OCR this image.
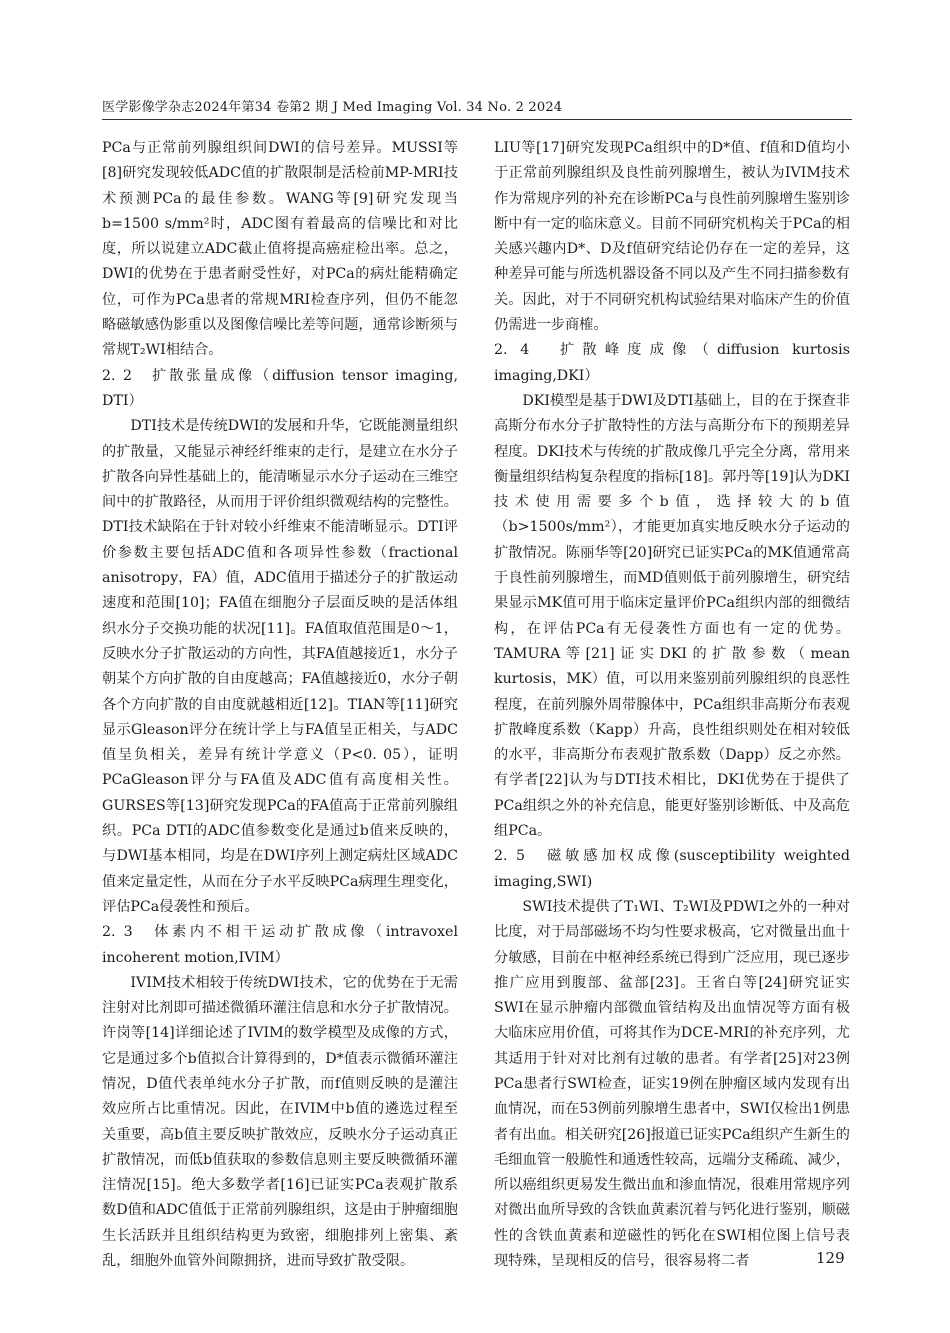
医学影像学杂志2024年第34 卷第2 期 J Med Imaging Vol. 34 No. 2 2024

PCa与正常前列腺组织间DWI的信号差异。MUSSI等[8]研究发现较低ADC值的扩散限制是活检前MP-MRI技术预测PCa的最佳参数。WANG等[9]研究发现当b=1500 s/mm²时，ADC图有着最高的信噪比和对比度，所以说建立ADC截止值将提高癌症检出率。总之，DWI的优势在于患者耐受性好，对PCa的病灶能精确定位，可作为PCa患者的常规MRI检查序列，但仍不能忽略磁敏感伪影重以及图像信噪比差等问题，通常诊断须与常规T₂WI相结合。

2. 2　扩散张量成像（diffusion tensor imaging, DTI）

DTI技术是传统DWI的发展和升华，它既能测量组织的扩散量，又能显示神经纤维束的走行，是建立在水分子扩散各向异性基础上的，能清晰显示水分子运动在三维空间中的扩散路径，从而用于评价组织微观结构的完整性。DTI技术缺陷在于针对较小纤维束不能清晰显示。DTI评价参数主要包括ADC值和各项异性参数（fractional anisotropy，FA）值，ADC值用于描述分子的扩散运动速度和范围[10]；FA值在细胞分子层面反映的是活体组织水分子交换功能的状况[11]。FA值取值范围是0～1，反映水分子扩散运动的方向性，其FA值越接近1，水分子朝某个方向扩散的自由度越高；FA值越接近0，水分子朝各个方向扩散的自由度就越相近[12]。TIAN等[11]研究显示Gleason评分在统计学上与FA值呈正相关，与ADC值呈负相关，差异有统计学意义（P<0. 05），证明PCaGleason评分与FA值及ADC值有高度相关性。GURSES等[13]研究发现PCa的FA值高于正常前列腺组织。PCa DTI的ADC值参数变化是通过b值来反映的，与DWI基本相同，均是在DWI序列上测定病灶区域ADC值来定量定性，从而在分子水平反映PCa病理生理变化，评估PCa侵袭性和预后。

2. 3　体素内不相干运动扩散成像（intravoxel incoherent motion,IVIM）

IVIM技术相较于传统DWI技术，它的优势在于无需注射对比剂即可描述微循环灌注信息和水分子扩散情况。许岗等[14]详细论述了IVIM的数学模型及成像的方式，它是通过多个b值拟合计算得到的，D*值表示微循环灌注情况，D值代表单纯水分子扩散，而f值则反映的是灌注效应所占比重情况。因此，在IVIM中b值的遴选过程至关重要，高b值主要反映扩散效应，反映水分子运动真正扩散情况，而低b值获取的参数信息则主要反映微循环灌注情况[15]。绝大多数学者[16]已证实PCa表观扩散系数D值和ADC值低于正常前列腺组织，这是由于肿瘤细胞生长活跃并且组织结构更为致密，细胞排列上密集、紊乱，细胞外血管外间隙拥挤，进而导致扩散受限。

LIU等[17]研究发现PCa组织中的D*值、f值和D值均小于正常前列腺组织及良性前列腺增生，被认为IVIM技术作为常规序列的补充在诊断PCa与良性前列腺增生鉴别诊断中有一定的临床意义。目前不同研究机构关于PCa的相关感兴趣内D*、D及f值研究结论仍存在一定的差异，这种差异可能与所选机器设备不同以及产生不同扫描参数有关。因此，对于不同研究机构试验结果对临床产生的价值仍需进一步商榷。

2. 4　扩散峰度成像（diffusion kurtosis imaging,DKI）

DKI模型是基于DWI及DTI基础上，目的在于探查非高斯分布水分子扩散特性的方法与高斯分布下的预期差异程度。DKI技术与传统的扩散成像几乎完全分离，常用来衡量组织结构复杂程度的指标[18]。郭丹等[19]认为DKI技术使用需要多个b值，选择较大的b值（b>1500s/mm²），才能更加真实地反映水分子运动的扩散情况。陈丽华等[20]研究已证实PCa的MK值通常高于良性前列腺增生，而MD值则低于前列腺增生，研究结果显示MK值可用于临床定量评价PCa组织内部的细微结构，在评估PCa有无侵袭性方面也有一定的优势。TAMURA等[21]证实DKI的扩散参数（mean kurtosis，MK）值，可以用来鉴别前列腺组织的良恶性程度，在前列腺外周带腺体中，PCa组织非高斯分布表观扩散峰度系数（Kapp）升高，良性组织则处在相对较低的水平，非高斯分布表观扩散系数（Dapp）反之亦然。有学者[22]认为与DTI技术相比，DKI优势在于提供了PCa组织之外的补充信息，能更好鉴别诊断低、中及高危组PCa。

2. 5　磁敏感加权成像(susceptibility weighted imaging,SWI)

SWI技术提供了T₁WI、T₂WI及PDWI之外的一种对比度，对于局部磁场不均匀性要求极高，它对微量出血十分敏感，目前在中枢神经系统已得到广泛应用，现已逐步推广应用到腹部、盆部[23]。王省白等[24]研究证实SWI在显示肿瘤内部微血管结构及出血情况等方面有极大临床应用价值，可将其作为DCE-MRI的补充序列，尤其适用于针对对比剂有过敏的患者。有学者[25]对23例PCa患者行SWI检查，证实19例在肿瘤区域内发现有出血情况，而在53例前列腺增生患者中，SWI仅检出1例患者有出血。相关研究[26]报道已证实PCa组织产生新生的毛细血管一般脆性和通透性较高，远端分支稀疏、减少，所以癌组织更易发生微出血和渗血情况，很难用常规序列对微出血所导致的含铁血黄素沉着与钙化进行鉴别，顺磁性的含铁血黄素和逆磁性的钙化在SWI相位图上信号表现特殊，呈现相反的信号，很容易将二者	129
